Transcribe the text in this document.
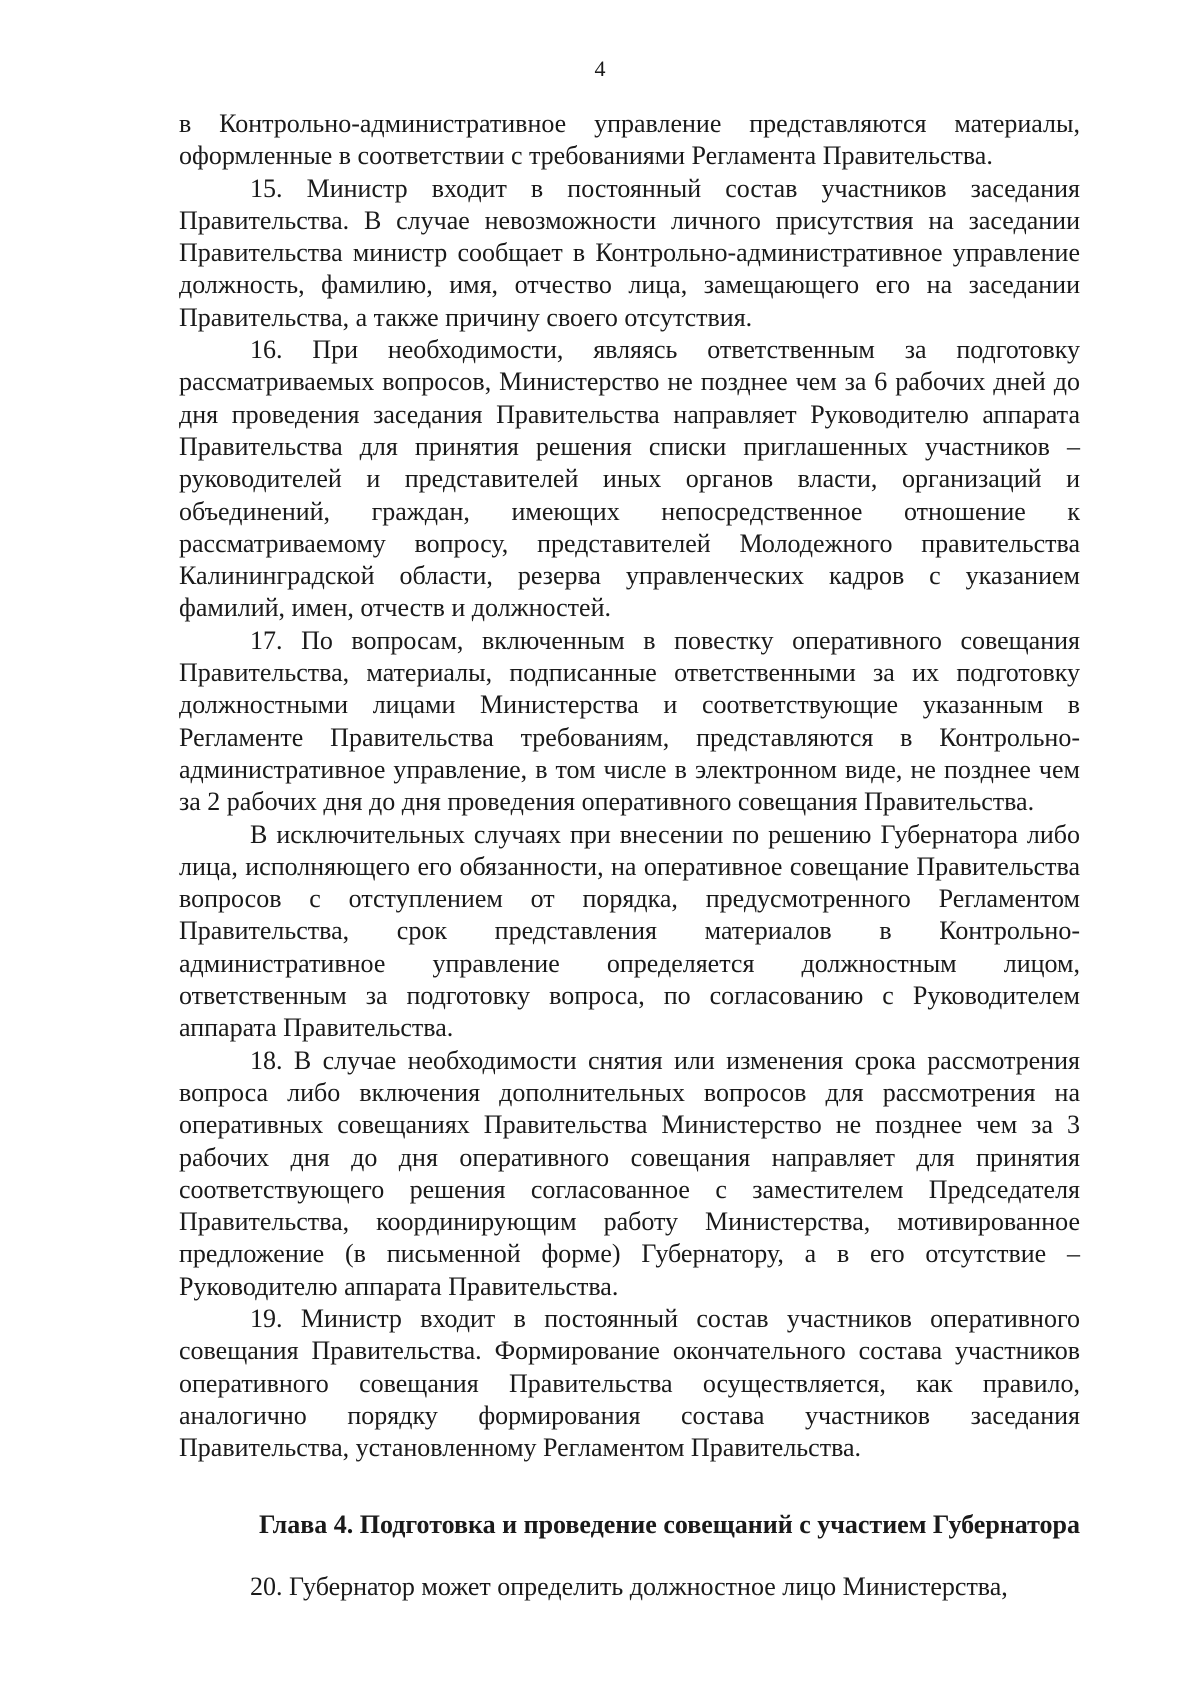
4

в Контрольно-административное управление представляются материалы, оформленные в соответствии с требованиями Регламента Правительства.

15. Министр входит в постоянный состав участников заседания Правительства. В случае невозможности личного присутствия на заседании Правительства министр сообщает в Контрольно-административное управление должность, фамилию, имя, отчество лица, замещающего его на заседании Правительства, а также причину своего отсутствия.

16. При необходимости, являясь ответственным за подготовку рассматриваемых вопросов, Министерство не позднее чем за 6 рабочих дней до дня проведения заседания Правительства направляет Руководителю аппарата Правительства для принятия решения списки приглашенных участников – руководителей и представителей иных органов власти, организаций и объединений, граждан, имеющих непосредственное отношение к рассматриваемому вопросу, представителей Молодежного правительства Калининградской области, резерва управленческих кадров с указанием фамилий, имен, отчеств и должностей.

17. По вопросам, включенным в повестку оперативного совещания Правительства, материалы, подписанные ответственными за их подготовку должностными лицами Министерства и соответствующие указанным в Регламенте Правительства требованиям, представляются в Контрольно-административное управление, в том числе в электронном виде, не позднее чем за 2 рабочих дня до дня проведения оперативного совещания Правительства.

В исключительных случаях при внесении по решению Губернатора либо лица, исполняющего его обязанности, на оперативное совещание Правительства вопросов с отступлением от порядка, предусмотренного Регламентом Правительства, срок представления материалов в Контрольно-административное управление определяется должностным лицом, ответственным за подготовку вопроса, по согласованию с Руководителем аппарата Правительства.

18. В случае необходимости снятия или изменения срока рассмотрения вопроса либо включения дополнительных вопросов для рассмотрения на оперативных совещаниях Правительства Министерство не позднее чем за 3 рабочих дня до дня оперативного совещания направляет для принятия соответствующего решения согласованное с заместителем Председателя Правительства, координирующим работу Министерства, мотивированное предложение (в письменной форме) Губернатору, а в его отсутствие – Руководителю аппарата Правительства.

19. Министр входит в постоянный состав участников оперативного совещания Правительства. Формирование окончательного состава участников оперативного совещания Правительства осуществляется, как правило, аналогично порядку формирования состава участников заседания Правительства, установленному Регламентом Правительства.

Глава 4. Подготовка и проведение совещаний с участием Губернатора

20. Губернатор может определить должностное лицо Министерства,
